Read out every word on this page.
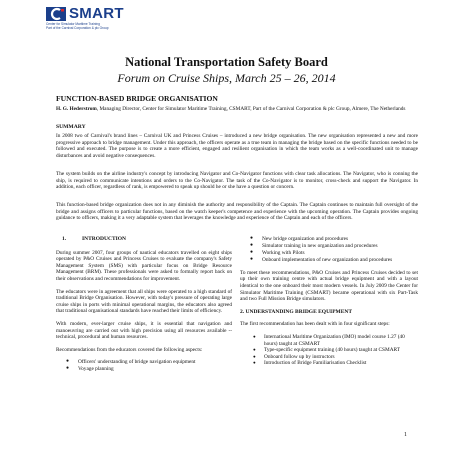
SMART
Center for Simulator Maritime Training
Part of the Carnival Corporation & plc Group
National Transportation Safety Board
Forum on Cruise Ships, March 25 – 26, 2014
FUNCTION-BASED BRIDGE ORGANISATION
H. G. Hederstrom, Managing Director, Center for Simulator Maritime Training, CSMART, Part of the Carnival Corporation & plc Group, Almere, The Netherlands
SUMMARY

In 2008 two of Carnival's brand lines – Carnival UK and Princess Cruises – introduced a new bridge organisation. The new organisation represented a new and more progressive approach to bridge management. Under this approach, the officers operate as a true team in managing the bridge based on the specific functions needed to be followed and executed. The purpose is to create a more efficient, engaged and resilient organisation in which the team works as a well-coordinated unit to manage disturbances and avoid negative consequences.

The system builds on the airline industry's concept by introducing Navigator and Co-Navigator functions with clear task allocations. The Navigator, who is conning the ship, is required to communicate intentions and orders to the Co-Navigator. The task of the Co-Navigator is to monitor, cross-check and support the Navigator. In addition, each officer, regardless of rank, is empowered to speak up should he or she have a question or concern.

This function-based bridge organization does not in any diminish the authority and responsibility of the Captain. The Captain continues to maintain full oversight of the bridge and assigns officers to particular functions, based on the watch keeper's competence and experience with the upcoming operation. The Captain provides ongoing guidance to officers, making it a very adaptable system that leverages the knowledge and experience of the Captain and each of the officers.

1.	INTRODUCTION

During summer 2007, four groups of nautical educators travelled on eight ships operated by P&O Cruises and Princess Cruises to evaluate the company's Safety Management System (SMS) with particular focus on Bridge Resource Management (BRM). These professionals were asked to formally report back on their observations and recommendations for improvement.

The educators were in agreement that all ships were operated to a high standard of traditional Bridge Organisation. However, with today's pressure of operating large cruise ships in ports with minimal operational margins, the educators also agreed that traditional organisational standards have reached their limits of efficiency.

With modern, ever-larger cruise ships, it is essential that navigation and manoeuvring are carried out with high precision using all resources available -- technical, procedural and human resources.

Recommendations from the educators covered the following aspects:

● Officers' understanding of bridge navigation equipment
● Voyage planning
● New bridge organization and procedures
● Simulator training in new organization and procedures
● Working with Pilots
● Onboard implementation of new organization and procedures

To meet these recommendations, P&O Cruises and Princess Cruises decided to set up their own training centre with actual bridge equipment and with a layout identical to the one onboard their most modern vessels. In July 2009 the Center for Simulator Maritime Training (CSMART) became operational with six Part-Task and two Full Mission Bridge simulators.

2. UNDERSTANDING BRIDGE EQUIPMENT

The first recommendation has been dealt with in four significant steps:

● International Maritime Organization (IMO) model course 1.27 (40 hours) taught at CSMART
● Type-specific equipment training (40 hours) taught at CSMART
● Onboard follow up by instructors
● Introduction of Bridge Familiarisation Checklist
1
